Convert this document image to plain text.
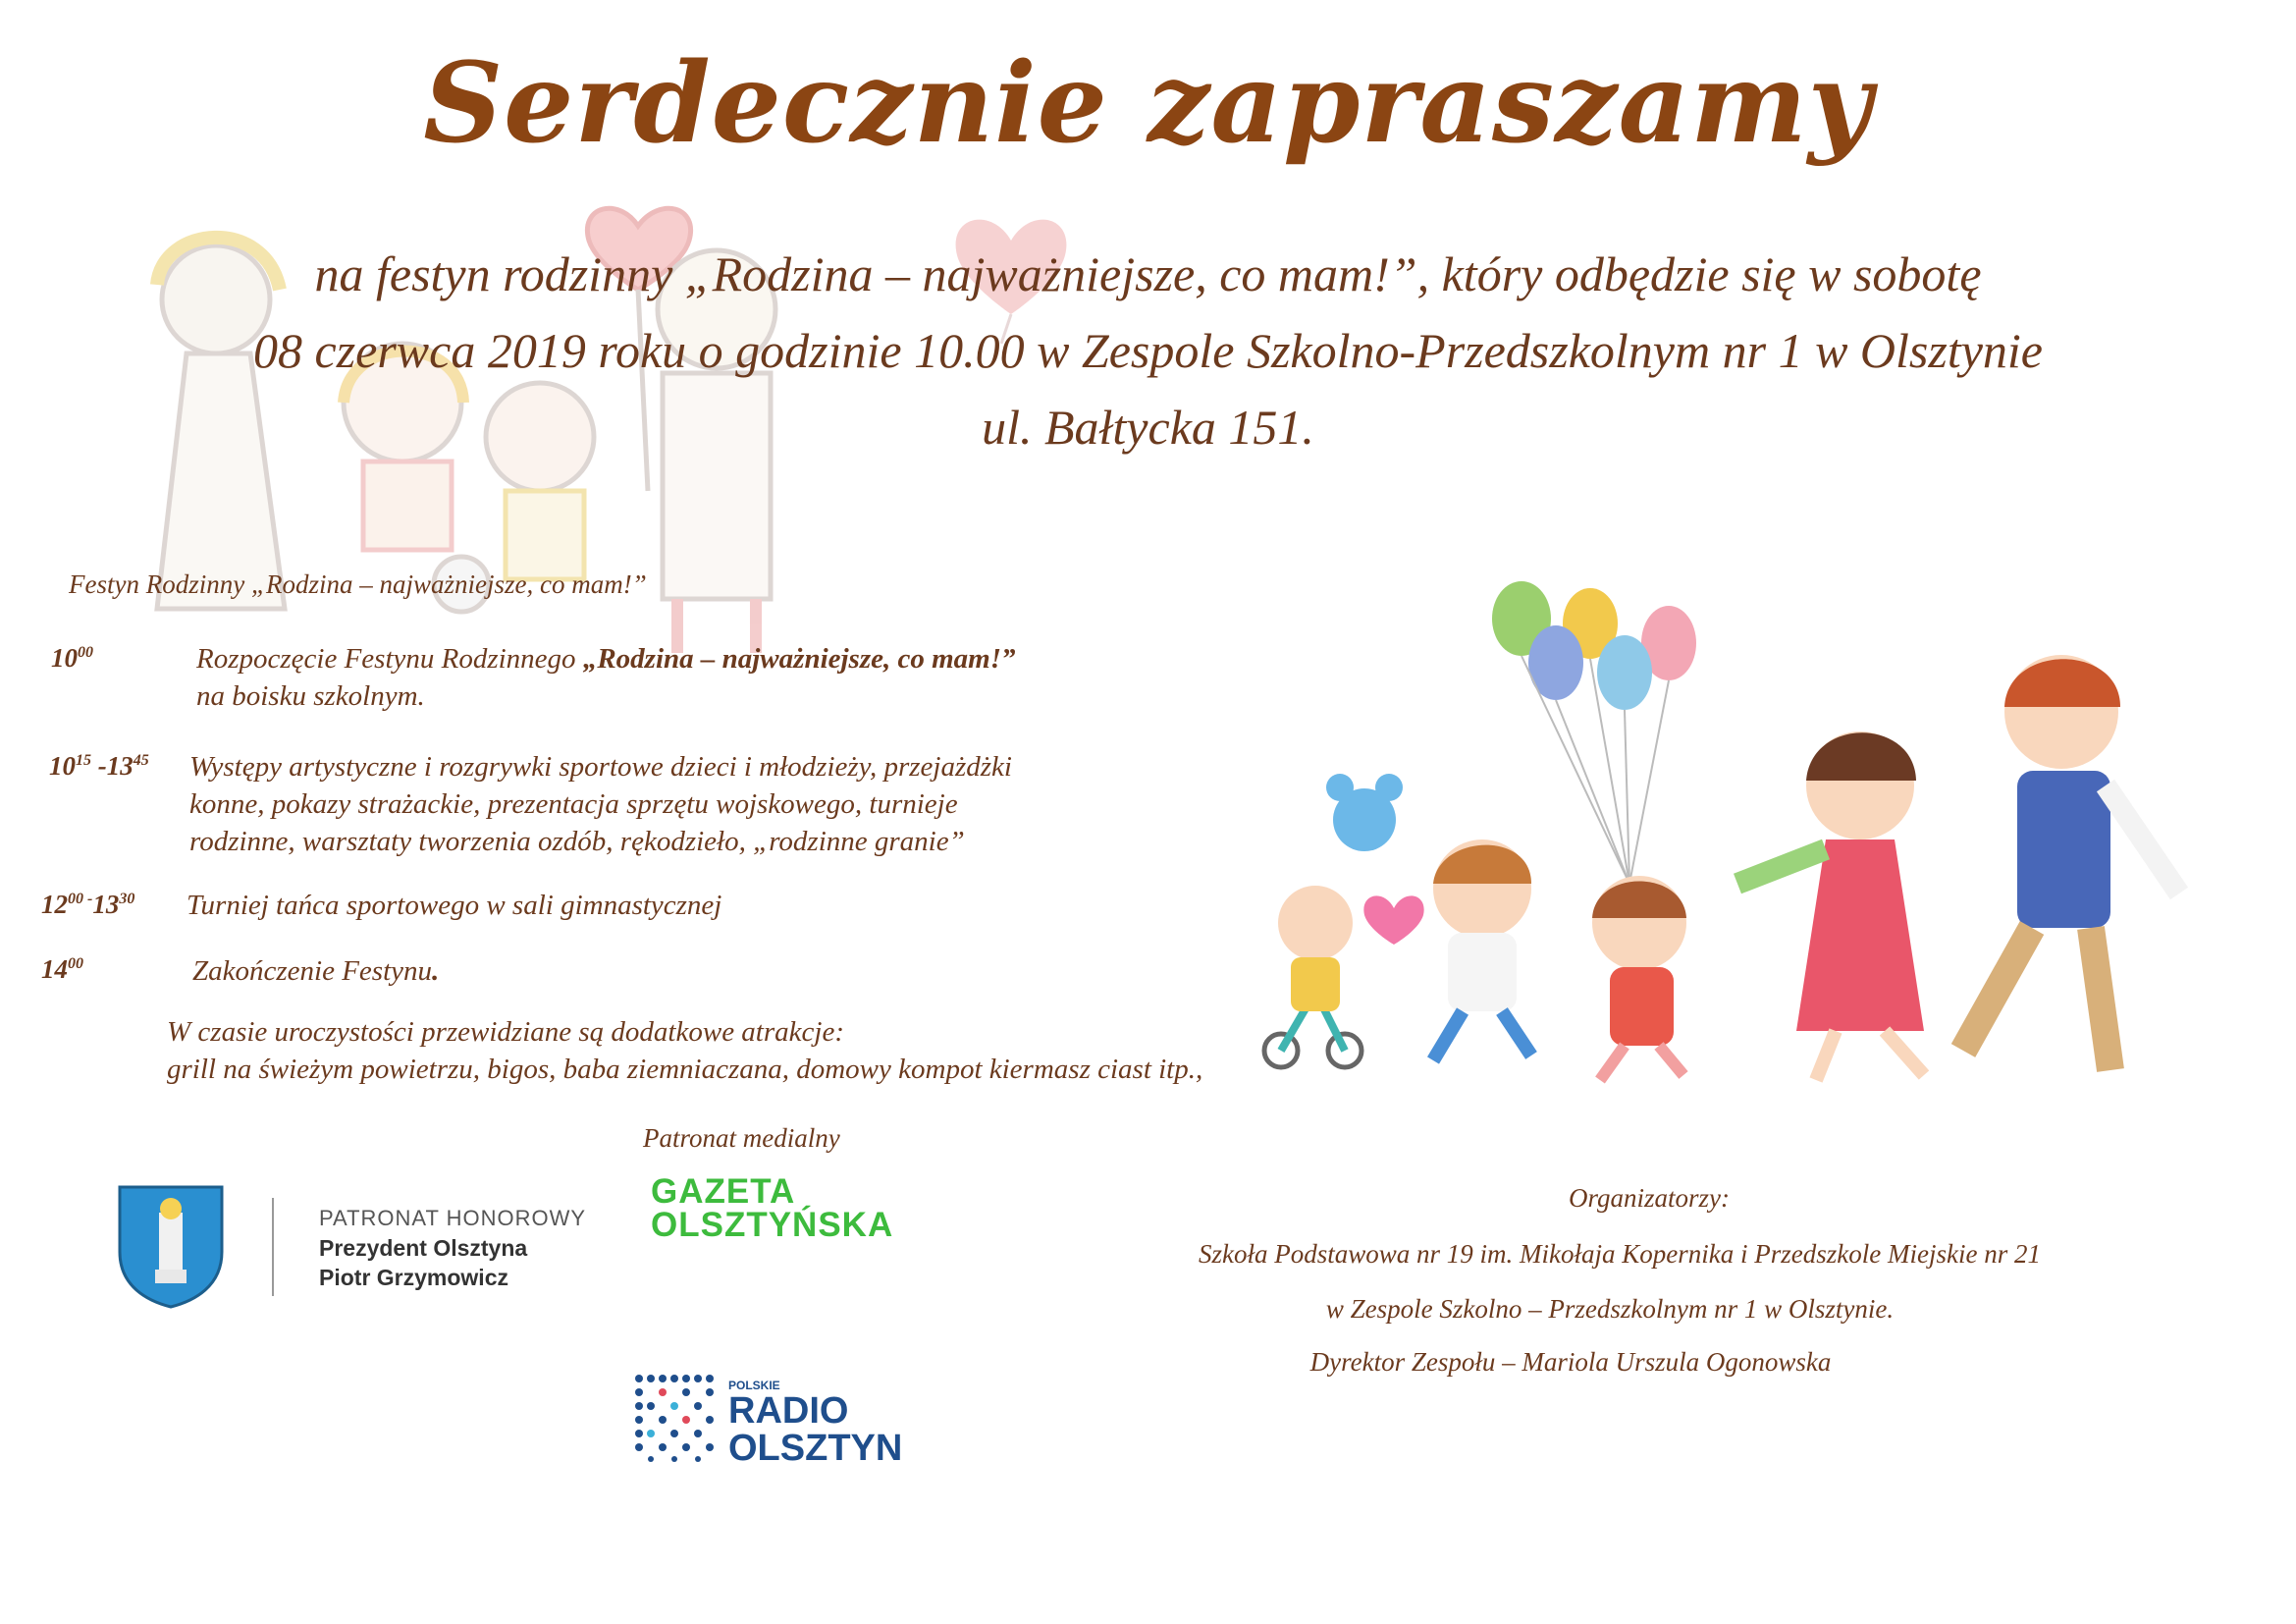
Serdecznie zapraszamy
na festyn rodzinny „Rodzina – najważniejsze, co mam!”, który odbędzie się w sobotę
08 czerwca 2019 roku o godzinie 10.00 w Zespole Szkolno-Przedszkolnym nr 1 w Olsztynie
ul. Bałtycka 151.
Festyn Rodzinny „Rodzina – najważniejsze, co mam!”
$10^{00}$	Rozpoczęcie Festynu Rodzinnego „Rodzina – najważniejsze, co mam!”
na boisku szkolnym.
$10^{15}$ $-13^{45}$ Występy artystyczne i rozgrywki sportowe dzieci i młodzieży, przejażdżki
konne, pokazy strażackie, prezentacja sprzętu wojskowego, turnieje
rodzinne, warsztaty tworzenia ozdób, rękodzieło, „rodzinne granie”
$12^{00 -}13^{30}$ Turniej tańca sportowego w sali gimnastycznej
$14^{00}$	Zakończenie Festynu.
W czasie uroczystości przewidziane są dodatkowe atrakcje:
grill na świeżym powietrzu, bigos, baba ziemniaczana, domowy kompot kiermasz ciast itp.,
Patronat medialny
PATRONAT HONOROWY
Prezydent Olsztyna
Piotr Grzymowicz
GAZETA
OLSZTYŃSKA
POLSKIE
RADIO
OLSZTYN
Organizatorzy:
Szkoła Podstawowa nr 19 im. Mikołaja Kopernika i Przedszkole Miejskie nr 21
w Zespole Szkolno – Przedszkolnym nr 1 w Olsztynie.
Dyrektor Zespołu – Mariola Urszula Ogonowska
